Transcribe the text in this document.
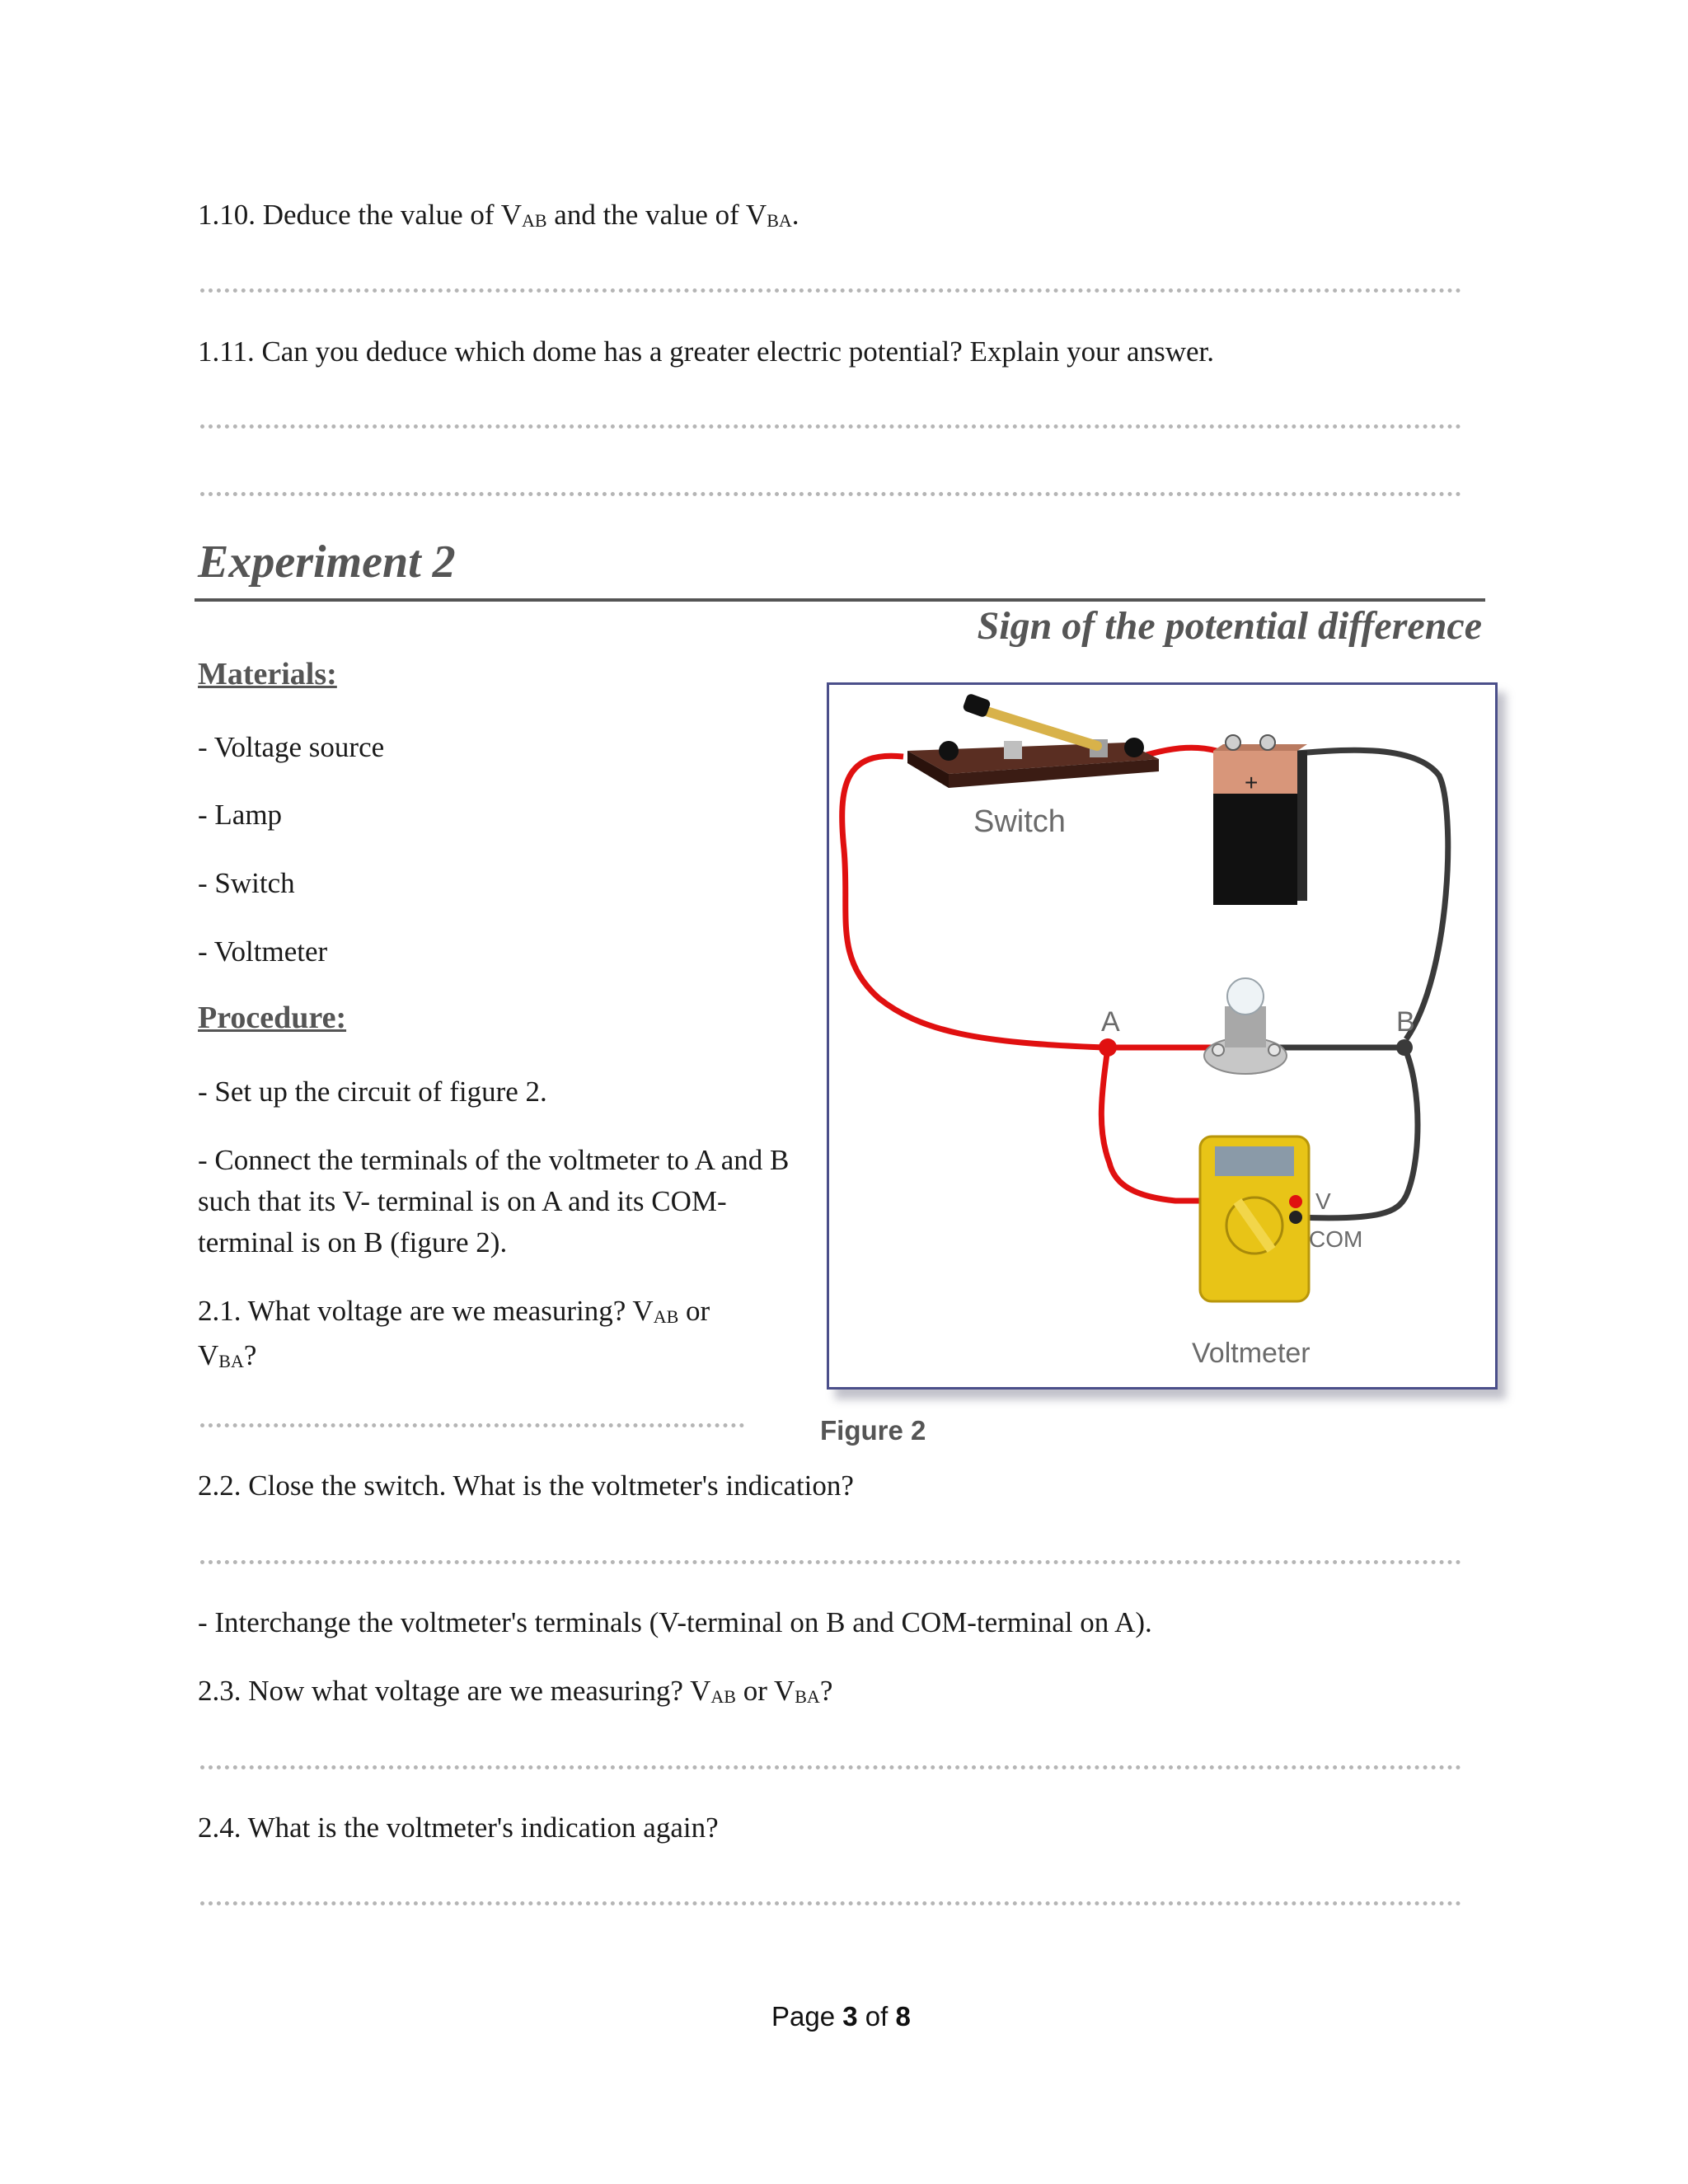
1.10. Deduce the value of $V_{AB}$ and the value of $V_{BA}$.
1.11. Can you deduce which dome has a greater electric potential? Explain your answer.
Experiment 2
Sign of the potential difference
Materials:
- Voltage source
- Lamp
- Switch
- Voltmeter
Procedure:
- Set up the circuit of figure 2.
- Connect the terminals of the voltmeter to A and B such that its V- terminal is on A and its COM-terminal is on B (figure 2).
2.1. What voltage are we measuring? $V_{AB}$ or $V_{BA}$?
Switch
+
A	B
V
COM
Voltmeter
Figure 2
2.2. Close the switch. What is the voltmeter's indication?
- Interchange the voltmeter's terminals (V-terminal on B and COM-terminal on A).
2.3. Now what voltage are we measuring? $V_{AB}$ or $V_{BA}$?
2.4. What is the voltmeter's indication again?
Page 3 of 8
